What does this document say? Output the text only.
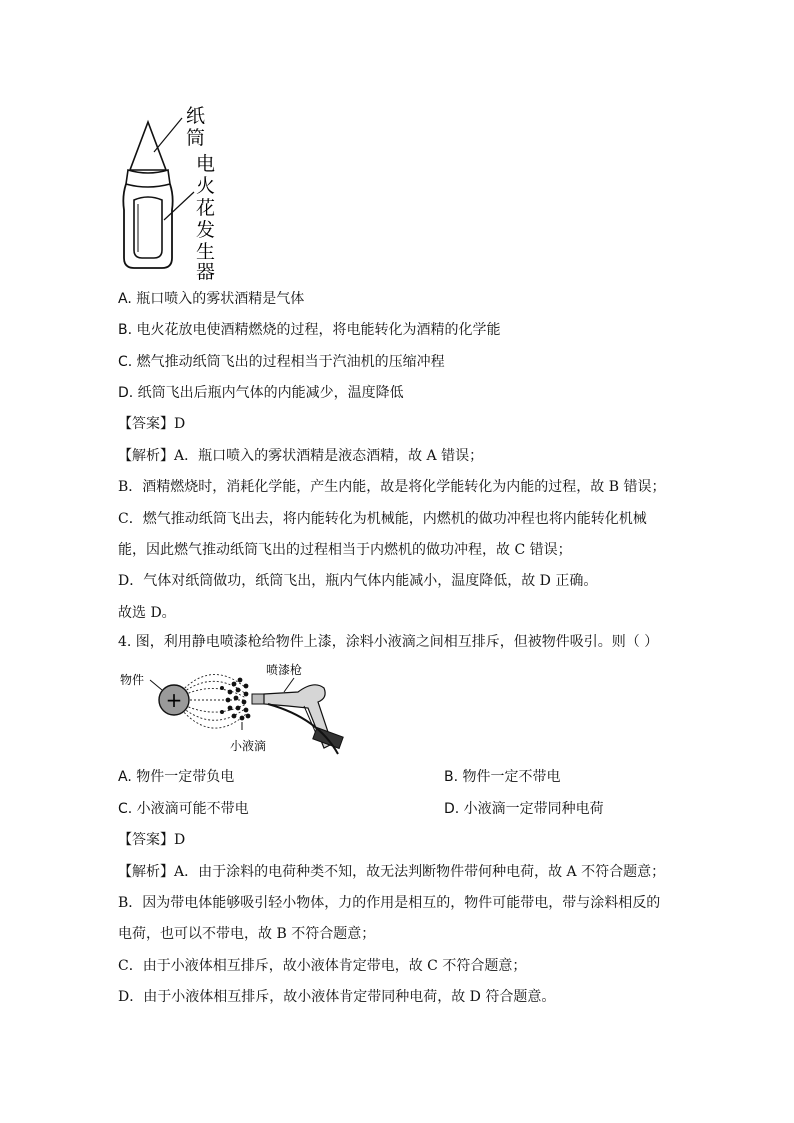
纸
筒
电
火
花
发
生
器
A. 瓶口喷入的雾状酒精是气体
B. 电火花放电使酒精燃烧的过程，将电能转化为酒精的化学能
C. 燃气推动纸筒飞出的过程相当于汽油机的压缩冲程
D. 纸筒飞出后瓶内气体的内能减少，温度降低
【答案】D
【解析】A．瓶口喷入的雾状酒精是液态酒精，故 A 错误；
B．酒精燃烧时，消耗化学能，产生内能，故是将化学能转化为内能的过程，故 B 错误；
C．燃气推动纸筒飞出去，将内能转化为机械能，内燃机的做功冲程也将内能转化机械
能，因此燃气推动纸筒飞出的过程相当于内燃机的做功冲程，故 C 错误；
D．气体对纸筒做功，纸筒飞出，瓶内气体内能减小，温度降低，故 D 正确。
故选 D。
4. 图，利用静电喷漆枪给物件上漆，涂料小液滴之间相互排斥，但被物件吸引。则（ ）
+
物件
喷漆枪
小液滴
A. 物件一定带负电	B. 物件一定不带电
C. 小液滴可能不带电	D. 小液滴一定带同种电荷
【答案】D
【解析】A．由于涂料的电荷种类不知，故无法判断物件带何种电荷，故 A 不符合题意；
B．因为带电体能够吸引轻小物体，力的作用是相互的，物件可能带电，带与涂料相反的
电荷，也可以不带电，故 B 不符合题意；
C．由于小液体相互排斥，故小液体肯定带电，故 C 不符合题意；
D．由于小液体相互排斥，故小液体肯定带同种电荷，故 D 符合题意。
